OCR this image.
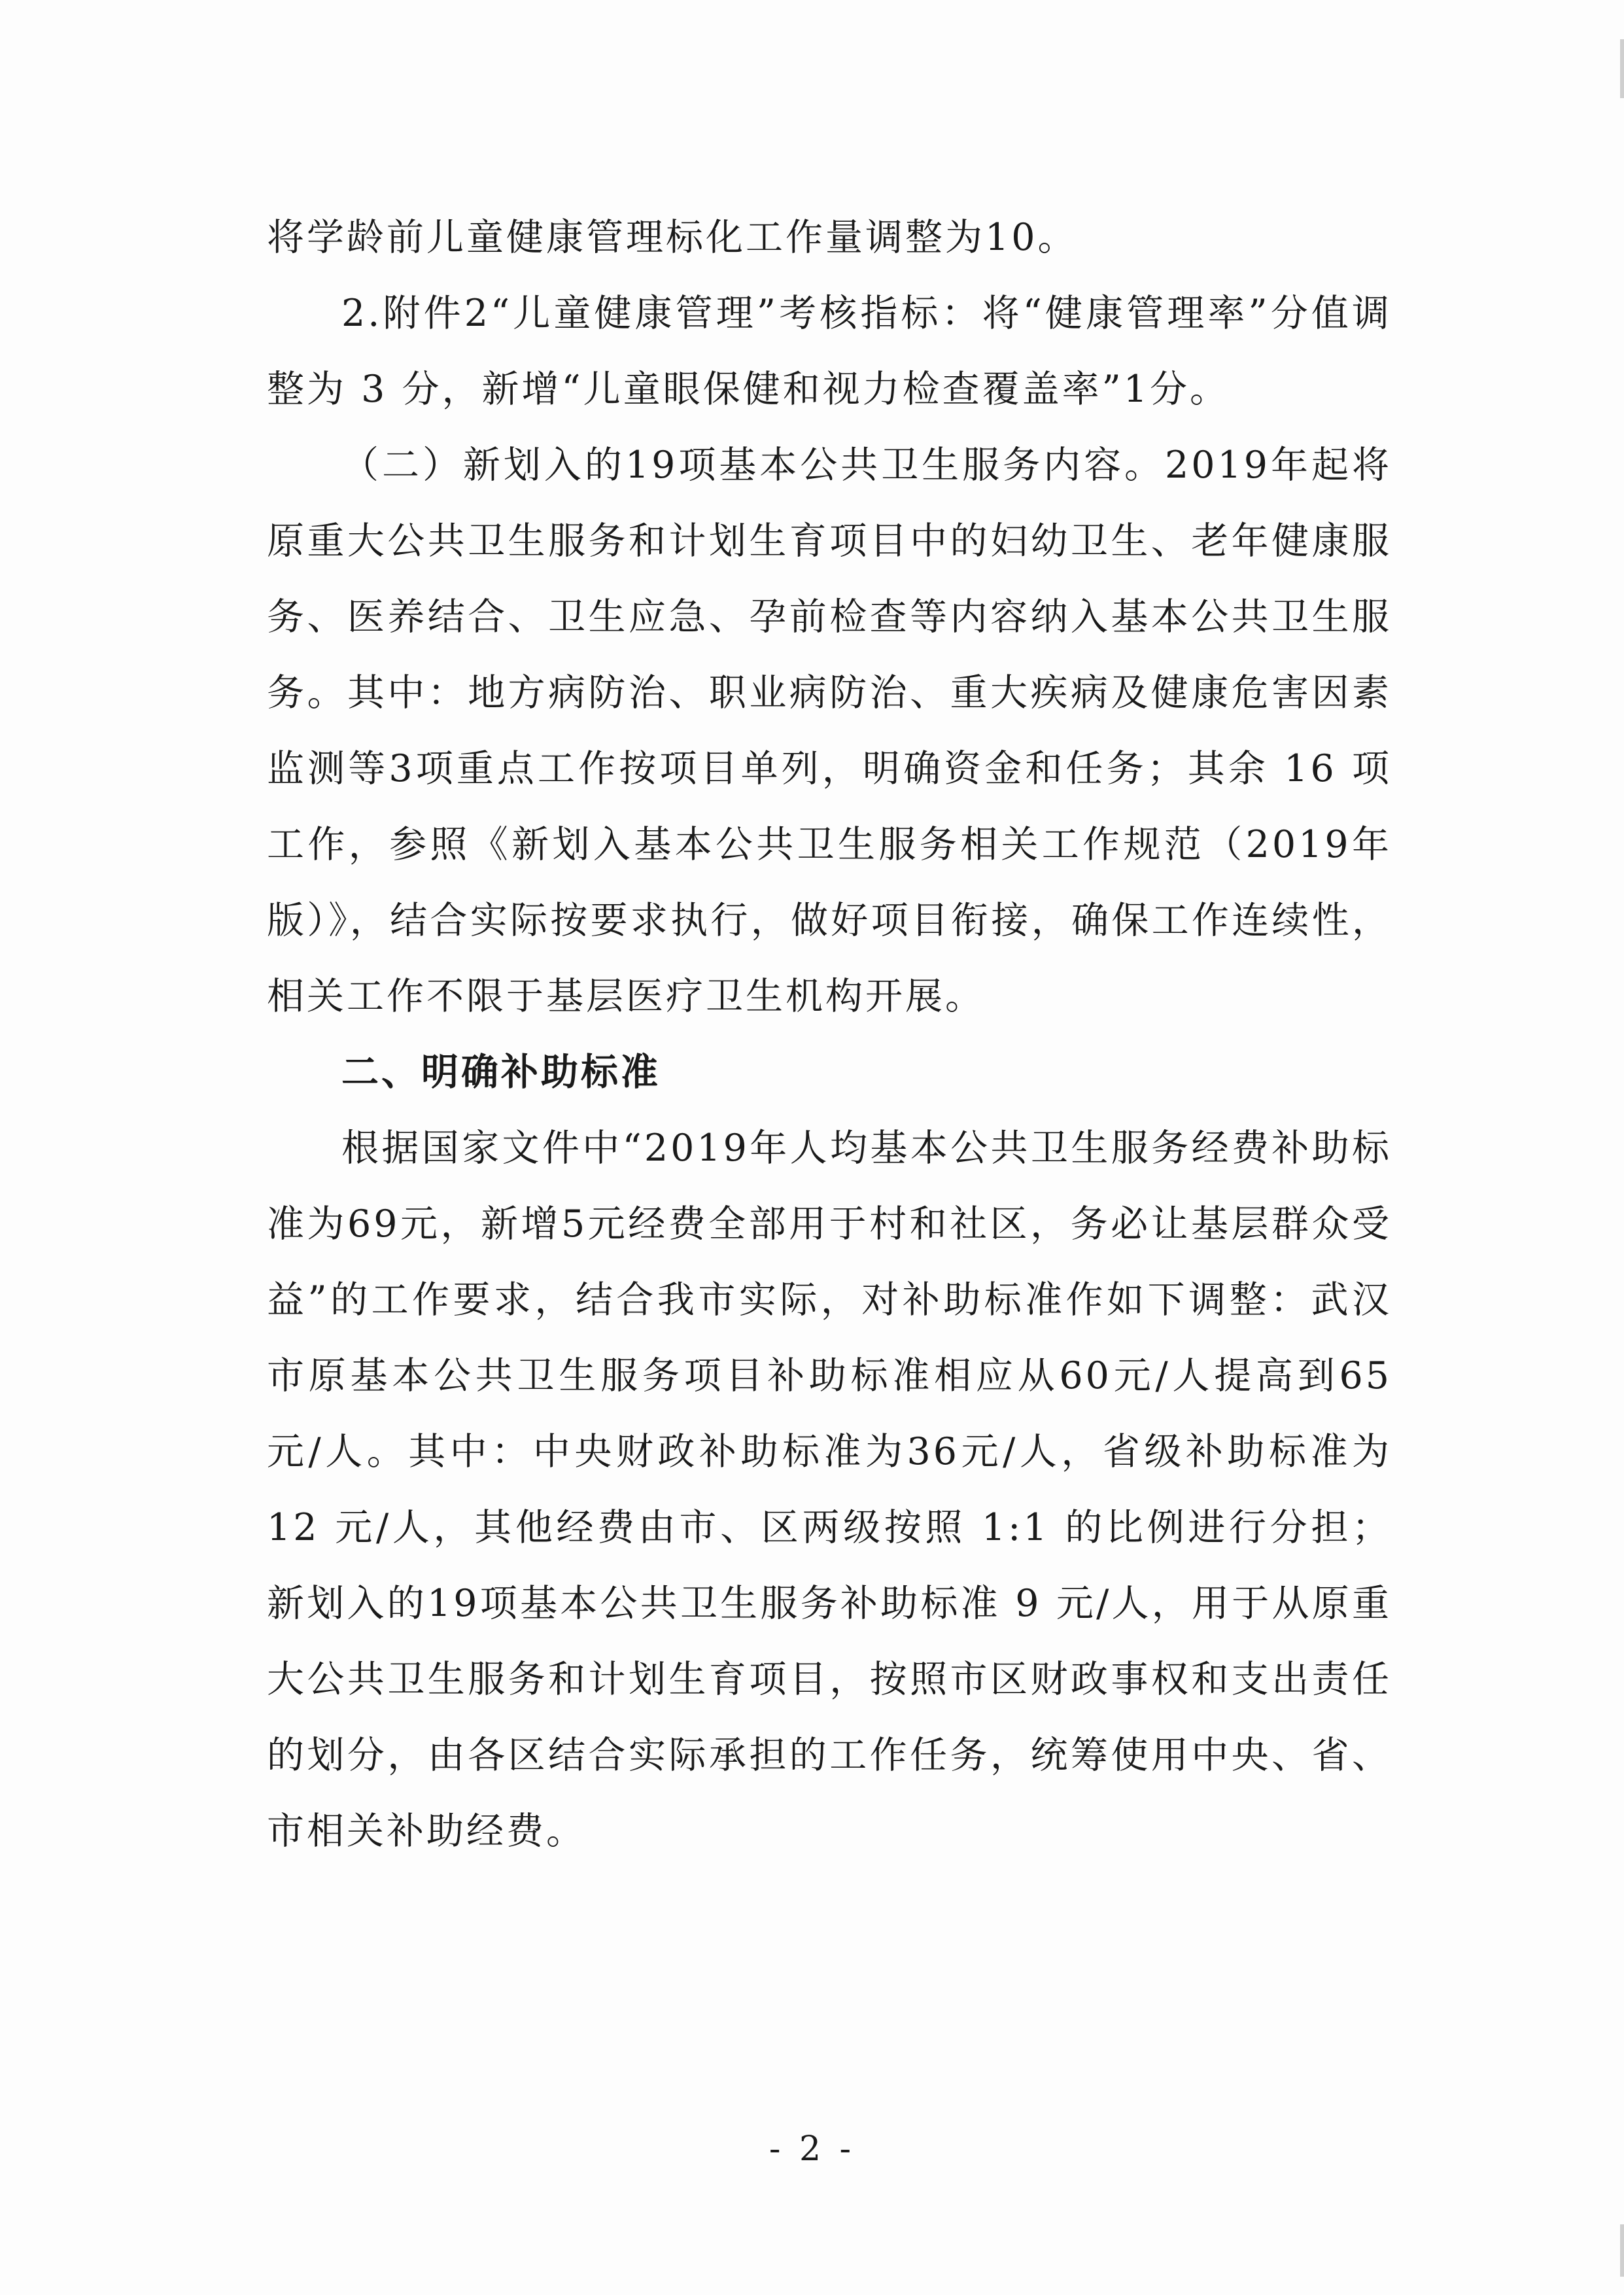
将学龄前儿童健康管理标化工作量调整为10。

2.附件2“儿童健康管理”考核指标：将“健康管理率”分值调整为 3 分，新增“儿童眼保健和视力检查覆盖率”1分。

（二）新划入的19项基本公共卫生服务内容。2019年起将原重大公共卫生服务和计划生育项目中的妇幼卫生、老年健康服务、医养结合、卫生应急、孕前检查等内容纳入基本公共卫生服务。其中：地方病防治、职业病防治、重大疾病及健康危害因素监测等3项重点工作按项目单列，明确资金和任务；其余 16 项工作，参照《新划入基本公共卫生服务相关工作规范（2019年版）》，结合实际按要求执行，做好项目衔接，确保工作连续性，相关工作不限于基层医疗卫生机构开展。

二、明确补助标准

根据国家文件中“2019年人均基本公共卫生服务经费补助标准为69元，新增5元经费全部用于村和社区，务必让基层群众受益”的工作要求，结合我市实际，对补助标准作如下调整：武汉市原基本公共卫生服务项目补助标准相应从60元/人提高到65元/人。其中：中央财政补助标准为36元/人，省级补助标准为 12 元/人，其他经费由市、区两级按照 1:1 的比例进行分担；新划入的19项基本公共卫生服务补助标准 9 元/人，用于从原重大公共卫生服务和计划生育项目，按照市区财政事权和支出责任的划分，由各区结合实际承担的工作任务，统筹使用中央、省、市相关补助经费。

- 2 -
